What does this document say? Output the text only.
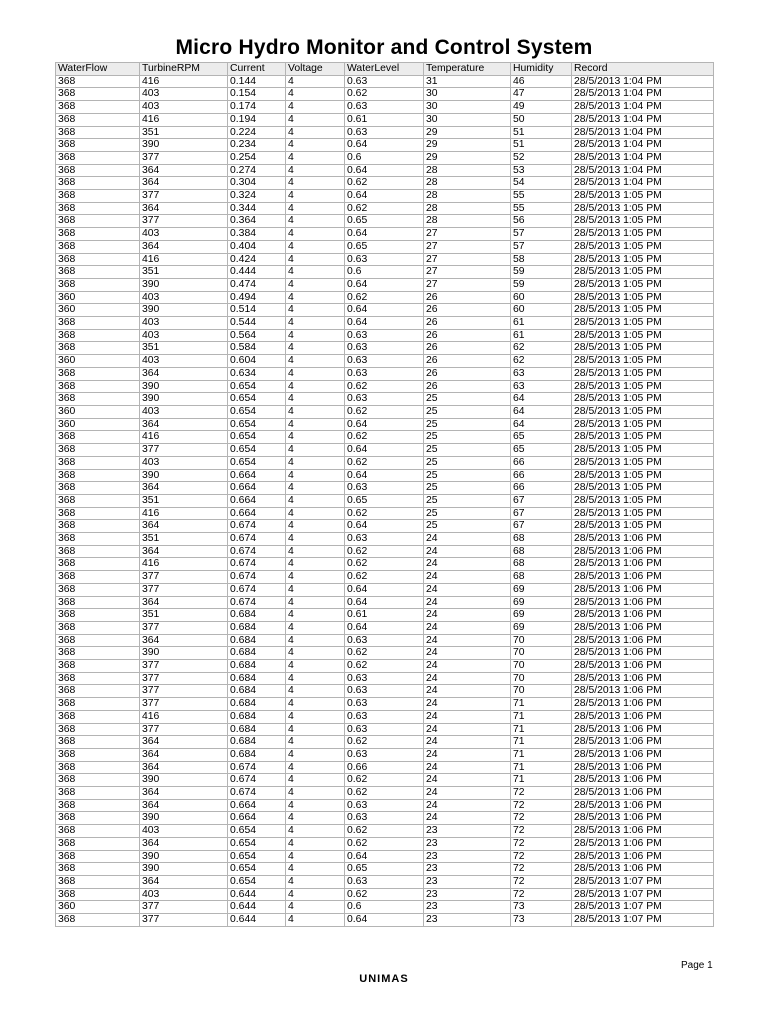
Micro Hydro Monitor and Control System
WaterFlow	TurbineRPM	Current	Voltage	WaterLevel	Temperature	Humidity	Record
368	416	0.144	4	0.63	31	46	28/5/2013 1:04 PM
368	403	0.154	4	0.62	30	47	28/5/2013 1:04 PM
368	403	0.174	4	0.63	30	49	28/5/2013 1:04 PM
368	416	0.194	4	0.61	30	50	28/5/2013 1:04 PM
368	351	0.224	4	0.63	29	51	28/5/2013 1:04 PM
368	390	0.234	4	0.64	29	51	28/5/2013 1:04 PM
368	377	0.254	4	0.6	29	52	28/5/2013 1:04 PM
368	364	0.274	4	0.64	28	53	28/5/2013 1:04 PM
368	364	0.304	4	0.62	28	54	28/5/2013 1:04 PM
368	377	0.324	4	0.64	28	55	28/5/2013 1:05 PM
368	364	0.344	4	0.62	28	55	28/5/2013 1:05 PM
368	377	0.364	4	0.65	28	56	28/5/2013 1:05 PM
368	403	0.384	4	0.64	27	57	28/5/2013 1:05 PM
368	364	0.404	4	0.65	27	57	28/5/2013 1:05 PM
368	416	0.424	4	0.63	27	58	28/5/2013 1:05 PM
368	351	0.444	4	0.6	27	59	28/5/2013 1:05 PM
368	390	0.474	4	0.64	27	59	28/5/2013 1:05 PM
360	403	0.494	4	0.62	26	60	28/5/2013 1:05 PM
360	390	0.514	4	0.64	26	60	28/5/2013 1:05 PM
368	403	0.544	4	0.64	26	61	28/5/2013 1:05 PM
368	403	0.564	4	0.63	26	61	28/5/2013 1:05 PM
368	351	0.584	4	0.63	26	62	28/5/2013 1:05 PM
360	403	0.604	4	0.63	26	62	28/5/2013 1:05 PM
368	364	0.634	4	0.63	26	63	28/5/2013 1:05 PM
368	390	0.654	4	0.62	26	63	28/5/2013 1:05 PM
368	390	0.654	4	0.63	25	64	28/5/2013 1:05 PM
360	403	0.654	4	0.62	25	64	28/5/2013 1:05 PM
360	364	0.654	4	0.64	25	64	28/5/2013 1:05 PM
368	416	0.654	4	0.62	25	65	28/5/2013 1:05 PM
368	377	0.654	4	0.64	25	65	28/5/2013 1:05 PM
368	403	0.654	4	0.62	25	66	28/5/2013 1:05 PM
368	390	0.664	4	0.64	25	66	28/5/2013 1:05 PM
368	364	0.664	4	0.63	25	66	28/5/2013 1:05 PM
368	351	0.664	4	0.65	25	67	28/5/2013 1:05 PM
368	416	0.664	4	0.62	25	67	28/5/2013 1:05 PM
368	364	0.674	4	0.64	25	67	28/5/2013 1:05 PM
368	351	0.674	4	0.63	24	68	28/5/2013 1:06 PM
368	364	0.674	4	0.62	24	68	28/5/2013 1:06 PM
368	416	0.674	4	0.62	24	68	28/5/2013 1:06 PM
368	377	0.674	4	0.62	24	68	28/5/2013 1:06 PM
368	377	0.674	4	0.64	24	69	28/5/2013 1:06 PM
368	364	0.674	4	0.64	24	69	28/5/2013 1:06 PM
368	351	0.684	4	0.61	24	69	28/5/2013 1:06 PM
368	377	0.684	4	0.64	24	69	28/5/2013 1:06 PM
368	364	0.684	4	0.63	24	70	28/5/2013 1:06 PM
368	390	0.684	4	0.62	24	70	28/5/2013 1:06 PM
368	377	0.684	4	0.62	24	70	28/5/2013 1:06 PM
368	377	0.684	4	0.63	24	70	28/5/2013 1:06 PM
368	377	0.684	4	0.63	24	70	28/5/2013 1:06 PM
368	377	0.684	4	0.63	24	71	28/5/2013 1:06 PM
368	416	0.684	4	0.63	24	71	28/5/2013 1:06 PM
368	377	0.684	4	0.63	24	71	28/5/2013 1:06 PM
368	364	0.684	4	0.62	24	71	28/5/2013 1:06 PM
368	364	0.684	4	0.63	24	71	28/5/2013 1:06 PM
368	364	0.674	4	0.66	24	71	28/5/2013 1:06 PM
368	390	0.674	4	0.62	24	71	28/5/2013 1:06 PM
368	364	0.674	4	0.62	24	72	28/5/2013 1:06 PM
368	364	0.664	4	0.63	24	72	28/5/2013 1:06 PM
368	390	0.664	4	0.63	24	72	28/5/2013 1:06 PM
368	403	0.654	4	0.62	23	72	28/5/2013 1:06 PM
368	364	0.654	4	0.62	23	72	28/5/2013 1:06 PM
368	390	0.654	4	0.64	23	72	28/5/2013 1:06 PM
368	390	0.654	4	0.65	23	72	28/5/2013 1:06 PM
368	364	0.654	4	0.63	23	72	28/5/2013 1:07 PM
368	403	0.644	4	0.62	23	72	28/5/2013 1:07 PM
360	377	0.644	4	0.6	23	73	28/5/2013 1:07 PM
368	377	0.644	4	0.64	23	73	28/5/2013 1:07 PM
Page 1
UNIMAS
